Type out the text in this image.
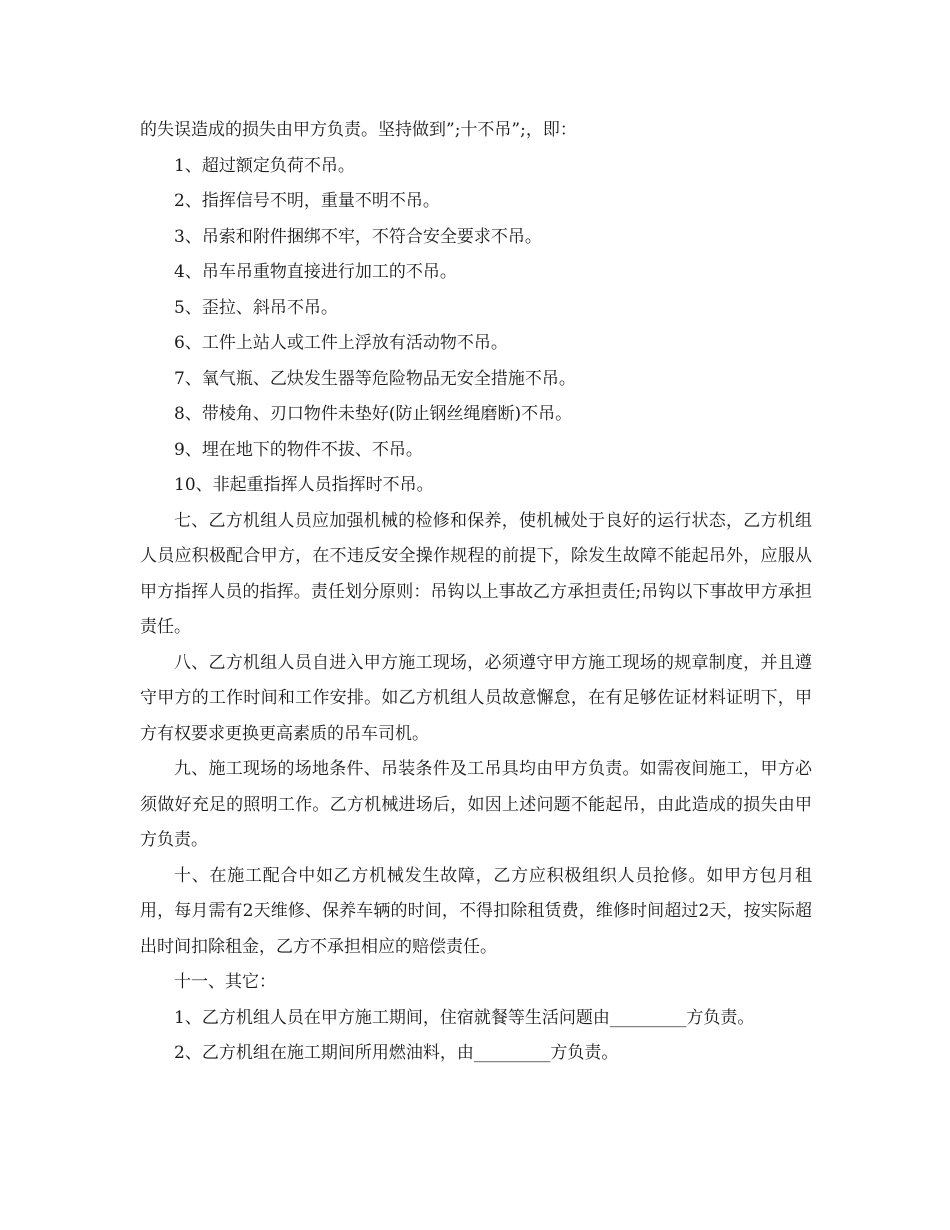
的失误造成的损失由甲方负责。坚持做到”;十不吊”;，即：

1、超过额定负荷不吊。

2、指挥信号不明，重量不明不吊。

3、吊索和附件捆绑不牢，不符合安全要求不吊。

4、吊车吊重物直接进行加工的不吊。

5、歪拉、斜吊不吊。

6、工件上站人或工件上浮放有活动物不吊。

7、氧气瓶、乙炔发生器等危险物品无安全措施不吊。

8、带棱角、刃口物件未垫好(防止钢丝绳磨断)不吊。

9、埋在地下的物件不拔、不吊。

10、非起重指挥人员指挥时不吊。

七、乙方机组人员应加强机械的检修和保养，使机械处于良好的运行状态，乙方机组人员应积极配合甲方，在不违反安全操作规程的前提下，除发生故障不能起吊外，应服从甲方指挥人员的指挥。责任划分原则：吊钩以上事故乙方承担责任;吊钩以下事故甲方承担责任。

八、乙方机组人员自进入甲方施工现场，必须遵守甲方施工现场的规章制度，并且遵守甲方的工作时间和工作安排。如乙方机组人员故意懈怠，在有足够佐证材料证明下，甲方有权要求更换更高素质的吊车司机。

九、施工现场的场地条件、吊装条件及工吊具均由甲方负责。如需夜间施工，甲方必须做好充足的照明工作。乙方机械进场后，如因上述问题不能起吊，由此造成的损失由甲方负责。

十、在施工配合中如乙方机械发生故障，乙方应积极组织人员抢修。如甲方包月租用，每月需有2天维修、保养车辆的时间，不得扣除租赁费，维修时间超过2天，按实际超出时间扣除租金，乙方不承担相应的赔偿责任。

十一、其它：

1、乙方机组人员在甲方施工期间，住宿就餐等生活问题由_________方负责。

2、乙方机组在施工期间所用燃油料，由_________方负责。
